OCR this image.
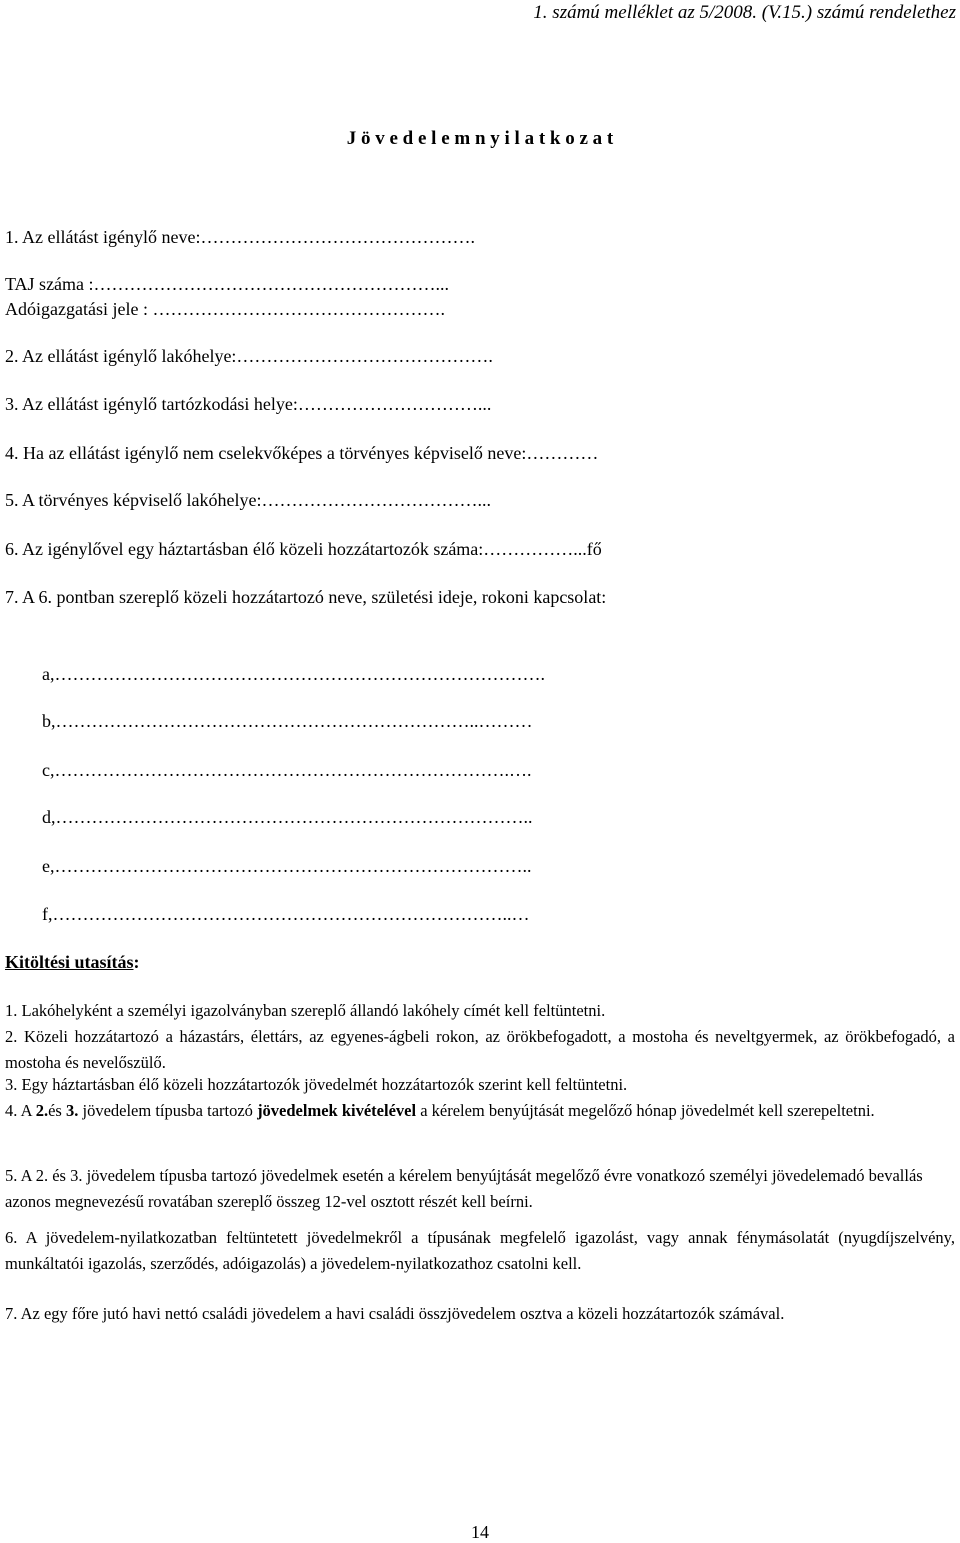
1. számú melléklet az 5/2008. (V.15.) számú rendelethez
J ö v e d e l e m n y i l a t k o z a t
1. Az ellátást igénylő neve:……………………………………….
TAJ száma :…………………………………………………...
Adóigazgatási jele : ………………………………………….
2. Az ellátást igénylő lakóhelye:…………………………………….
3. Az ellátást igénylő tartózkodási helye:…………………………...
4. Ha az ellátást igénylő nem cselekvőképes a törvényes képviselő neve:…………
5. A törvényes képviselő lakóhelye:………………………………...
6. Az igénylővel egy háztartásban élő közeli hozzátartozók száma:……………...fő
7. A 6. pontban szereplő közeli hozzátartozó neve, születési ideje, rokoni kapcsolat:
a,……………………………………………………………………….
b,……………………………………………………………..………
c,………………………………………………………………….….
d,……………………………………………………………………..
e,……………………………………………………………………..
f,…………………………………………………………………..…
Kitöltési utasítás:
1. Lakóhelyként a személyi igazolványban szereplő állandó lakóhely címét kell feltüntetni.
2. Közeli hozzátartozó a házastárs, élettárs, az egyenes-ágbeli rokon, az örökbefogadott, a mostoha és neveltgyermek, az örökbefogadó, a mostoha és nevelőszülő.
3. Egy háztartásban élő közeli hozzátartozók jövedelmét hozzátartozók szerint kell feltüntetni.
4. A 2.és 3. jövedelem típusba tartozó jövedelmek kivételével a kérelem benyújtását megelőző hónap jövedelmét kell szerepeltetni.
5. A 2. és 3. jövedelem típusba tartozó jövedelmek esetén a kérelem benyújtását megelőző évre vonatkozó személyi jövedelemadó bevallás azonos megnevezésű rovatában szereplő összeg 12-vel osztott részét kell beírni.
6. A jövedelem-nyilatkozatban feltüntetett jövedelmekről a típusának megfelelő igazolást, vagy annak fénymásolatát (nyugdíjszelvény, munkáltatói igazolás, szerződés, adóigazolás) a jövedelem-nyilatkozathoz csatolni kell.
7. Az egy főre jutó havi nettó családi jövedelem a havi családi összjövedelem osztva a közeli hozzátartozók számával.
14
